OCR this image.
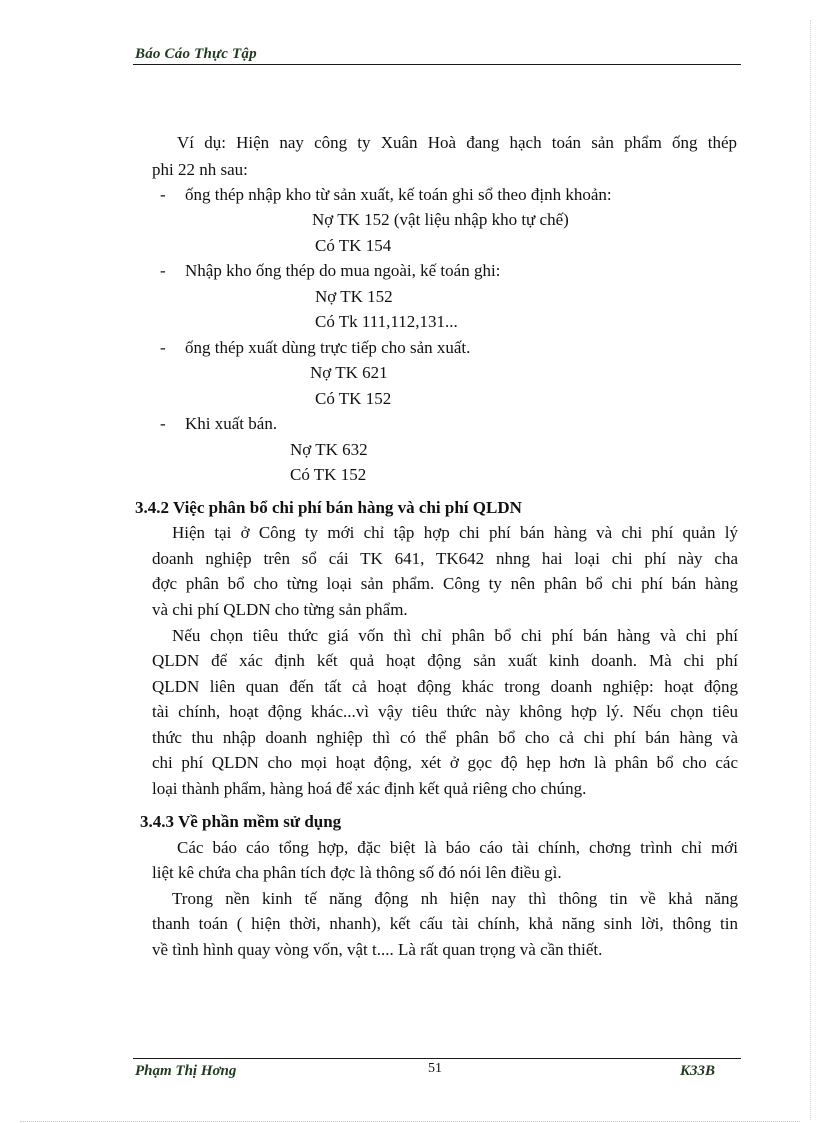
Báo Cáo Thực Tập
Ví dụ: Hiện nay công ty Xuân Hoà đang hạch toán sản phẩm ống thép
phi 22 nh sau:
- ống thép nhập kho từ sản xuất, kế toán ghi sổ theo định khoản:
Nợ TK 152 (vật liệu nhập kho tự chế)
Có TK 154
- Nhập kho ống thép do mua ngoài, kế toán ghi:
Nợ TK 152
Có Tk 111,112,131...
- ống thép xuất dùng trực tiếp cho sản xuất.
Nợ TK 621
Có TK 152
- Khi xuất bán.
Nợ TK 632
Có TK 152
3.4.2 Việc phân bổ chi phí bán hàng và chi phí QLDN
Hiện tại ở Công ty mới chỉ tập hợp chi phí bán hàng và chi phí quản lý
doanh nghiệp trên sổ cái TK 641, TK642 nhng hai loại chi phí này cha
đợc phân bổ cho từng loại sản phẩm. Công ty nên phân bổ chi phí bán hàng
và chi phí QLDN cho từng sản phẩm.
Nếu chọn tiêu thức giá vốn thì chỉ phân bổ chi phí bán hàng và chi phí
QLDN để xác định kết quả hoạt động sản xuất kinh doanh. Mà chi phí
QLDN liên quan đến tất cả hoạt động khác trong doanh nghiệp: hoạt động
tài chính, hoạt động khác...vì vậy tiêu thức này không hợp lý. Nếu chọn tiêu
thức thu nhập doanh nghiệp thì có thể phân bổ cho cả chi phí bán hàng và
chi phí QLDN cho mọi hoạt động, xét ở gọc độ hẹp hơn là phân bổ cho các
loại thành phẩm, hàng hoá để xác định kết quả riêng cho chúng.
3.4.3 Về phần mềm sử dụng
Các báo cáo tổng hợp, đặc biệt là báo cáo tài chính, chơng trình chỉ mới
liệt kê chứa cha phân tích đợc là thông số đó nói lên điều gì.
Trong nền kinh tế năng động nh hiện nay thì thông tin về khả năng
thanh toán ( hiện thời, nhanh), kết cấu tài chính, khả năng sinh lời, thông tin
về tình hình quay vòng vốn, vật t.... Là rất quan trọng và cần thiết.
Phạm Thị Hơng	51	K33B
